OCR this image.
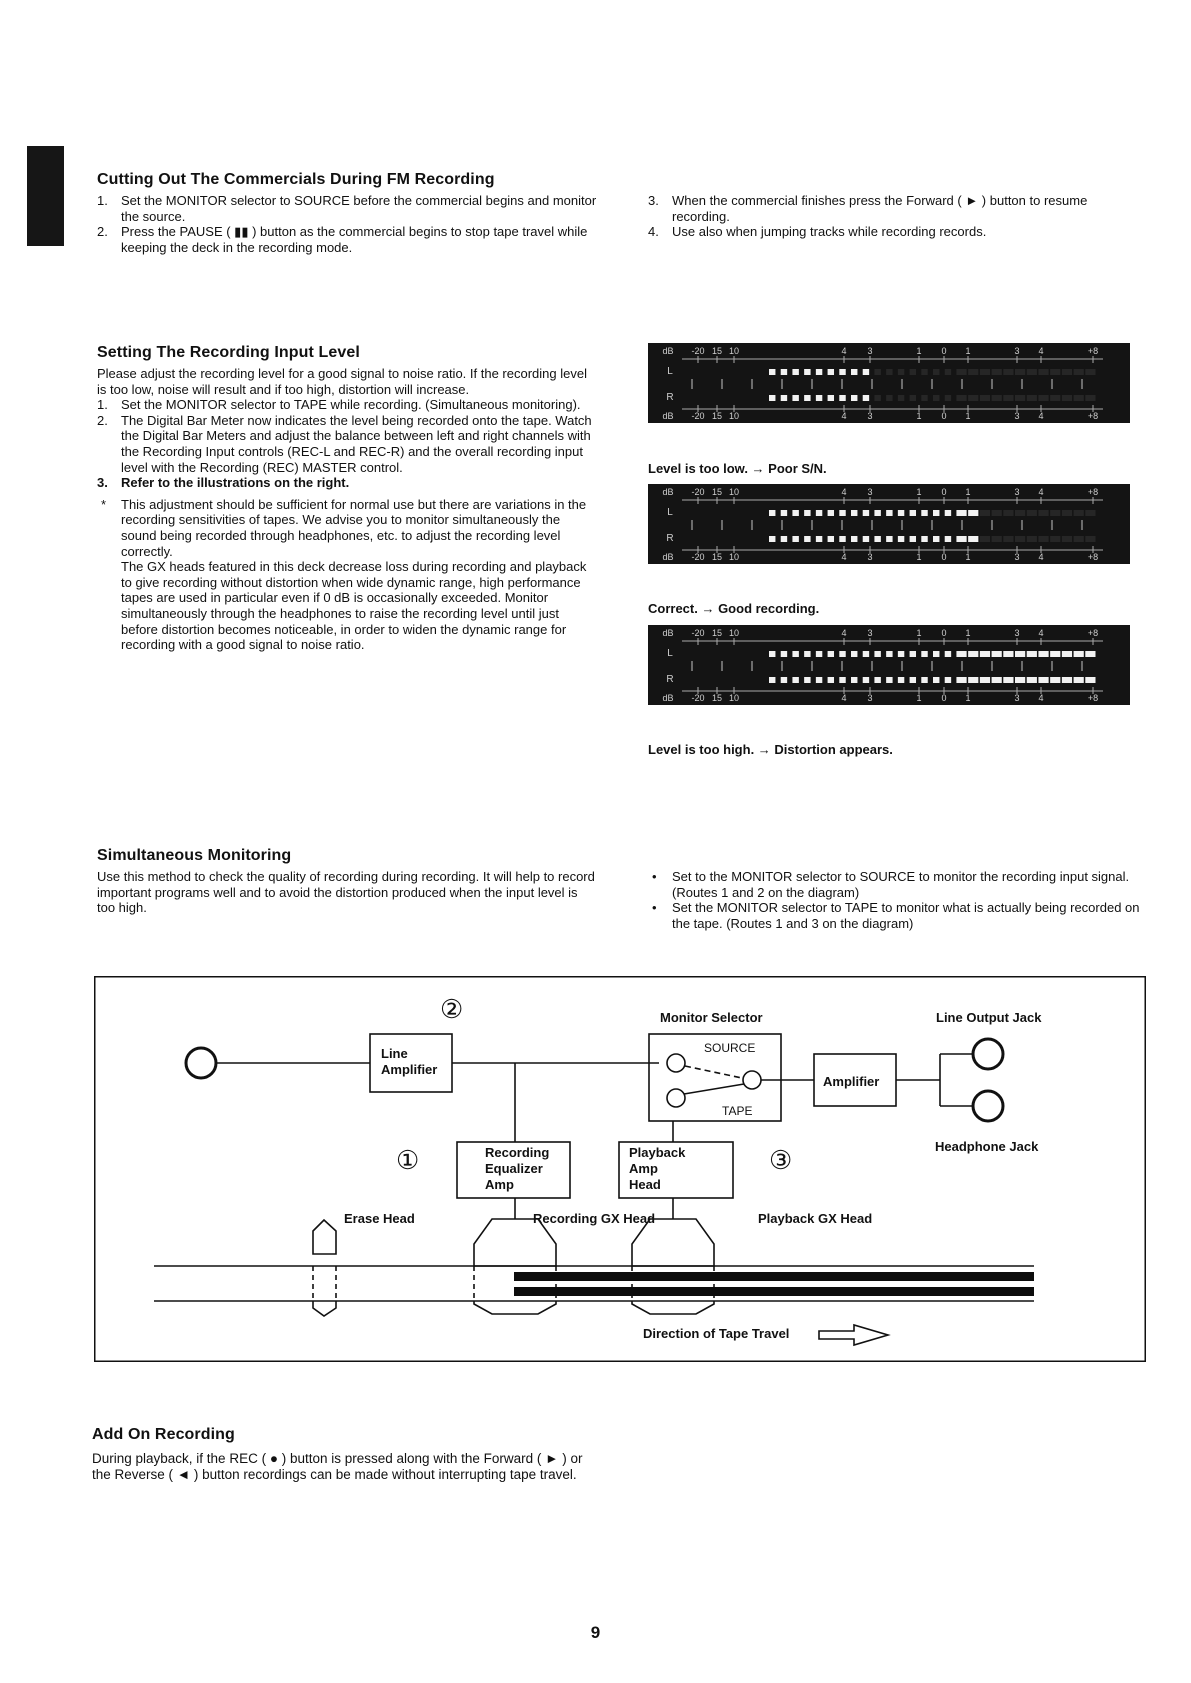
Cutting Out The Commercials During FM Recording
1. Set the MONITOR selector to SOURCE before the commercial begins and monitor the source.
2. Press the PAUSE ( ▮▮ ) button as the commercial begins to stop tape travel while keeping the deck in the recording mode.
3. When the commercial finishes press the Forward ( ► ) button to resume recording.
4. Use also when jumping tracks while recording records.
Setting The Recording Input Level

Please adjust the recording level for a good signal to noise ratio. If the recording level is too low, noise will result and if too high, distortion will increase.

1. Set the MONITOR selector to TAPE while recording. (Simultaneous monitoring).
2. The Digital Bar Meter now indicates the level being recorded onto the tape. Watch the Digital Bar Meters and adjust the balance between left and right channels with the Recording Input controls (REC-L and REC-R) and the overall recording input level with the Recording (REC) MASTER control.
3. Refer to the illustrations on the right.
* This adjustment should be sufficient for normal use but there are variations in the recording sensitivities of tapes. We advise you to monitor simultaneously the sound being recorded through headphones, etc. to adjust the recording level correctly.

The GX heads featured in this deck decrease loss during recording and playback to give recording without distortion when wide dynamic range, high performance tapes are used in particular even if 0 dB is occasionally exceeded. Monitor simultaneously through the headphones to raise the recording level until just before distortion becomes noticeable, in order to widen the dynamic range for recording with a good signal to noise ratio.

dB
dB
-20
-20
15
15
10
10
4
4
3
3
1
1
0
0
1
1
3
3
4
4
+8
+8
L
R
Level is too low. → Poor S/N.
dB
dB
-20
-20
15
15
10
10
4
4
3
3
1
1
0
0
1
1
3
3
4
4
+8
+8
L
R
Correct. → Good recording.
dB
dB
-20
-20
15
15
10
10
4
4
3
3
1
1
0
0
1
1
3
3
4
4
+8
+8
L
R
Level is too high. → Distortion appears.
Simultaneous Monitoring
Use this method to check the quality of recording during recording. It will help to record important programs well and to avoid the distortion produced when the input level is too high.
• Set to the MONITOR selector to SOURCE to monitor the recording input signal. (Routes 1 and 2 on the diagram)
• Set the MONITOR selector to TAPE to monitor what is actually being recorded on the tape. (Routes 1 and 3 on the diagram)
②
①	③
Line
Amplifier
Monitor Selector
SOURCE
TAPE
Amplifier
Line Output Jack
Headphone Jack
Recording
Equalizer
Amp
Playback
Amp
Head
Erase Head	Recording GX Head	Playback GX Head
Direction of Tape Travel
Add On Recording
During playback, if the REC ( ● ) button is pressed along with the Forward ( ► ) or the Reverse ( ◄ ) button recordings can be made without interrupting tape travel.
9
